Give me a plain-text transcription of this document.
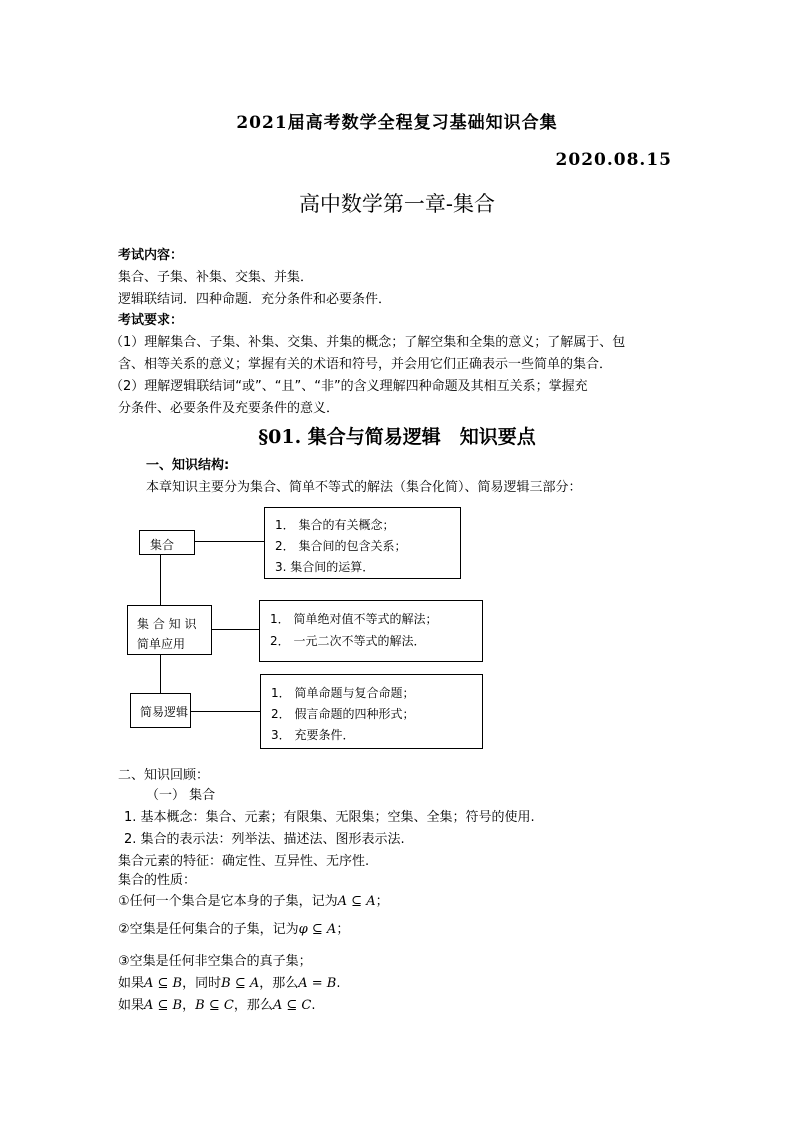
2021届高考数学全程复习基础知识合集
2020.08.15
高中数学第一章-集合
考试内容：
集合、子集、补集、交集、并集．
逻辑联结词．四种命题．充分条件和必要条件．
考试要求：
（1）理解集合、子集、补集、交集、并集的概念；了解空集和全集的意义；了解属于、包
含、相等关系的意义；掌握有关的术语和符号，并会用它们正确表示一些简单的集合．
（2）理解逻辑联结词“或”、“且”、“非”的含义理解四种命题及其相互关系；掌握充
分条件、必要条件及充要条件的意义．
§01. 集合与简易逻辑　知识要点
一、知识结构:
本章知识主要分为集合、简单不等式的解法（集合化简）、简易逻辑三部分：
集合
集 合 知 识
简单应用
简易逻辑
1． 集合的有关概念；
2． 集合间的包含关系；
3. 集合间的运算．
1． 简单绝对值不等式的解法；
2． 一元二次不等式的解法．
1． 简单命题与复合命题；
2． 假言命题的四种形式；
3． 充要条件．
二、知识回顾：
（一） 集合
1. 基本概念：集合、元素；有限集、无限集；空集、全集；符号的使用.
2. 集合的表示法：列举法、描述法、图形表示法.
集合元素的特征：确定性、互异性、无序性.
集合的性质：
①任何一个集合是它本身的子集，记为A ⊆ A；
②空集是任何集合的子集，记为φ ⊆ A；
③空集是任何非空集合的真子集；
如果A ⊆ B，同时B ⊆ A，那么A = B.
如果A ⊆ B，B ⊆ C，那么A ⊆ C.
